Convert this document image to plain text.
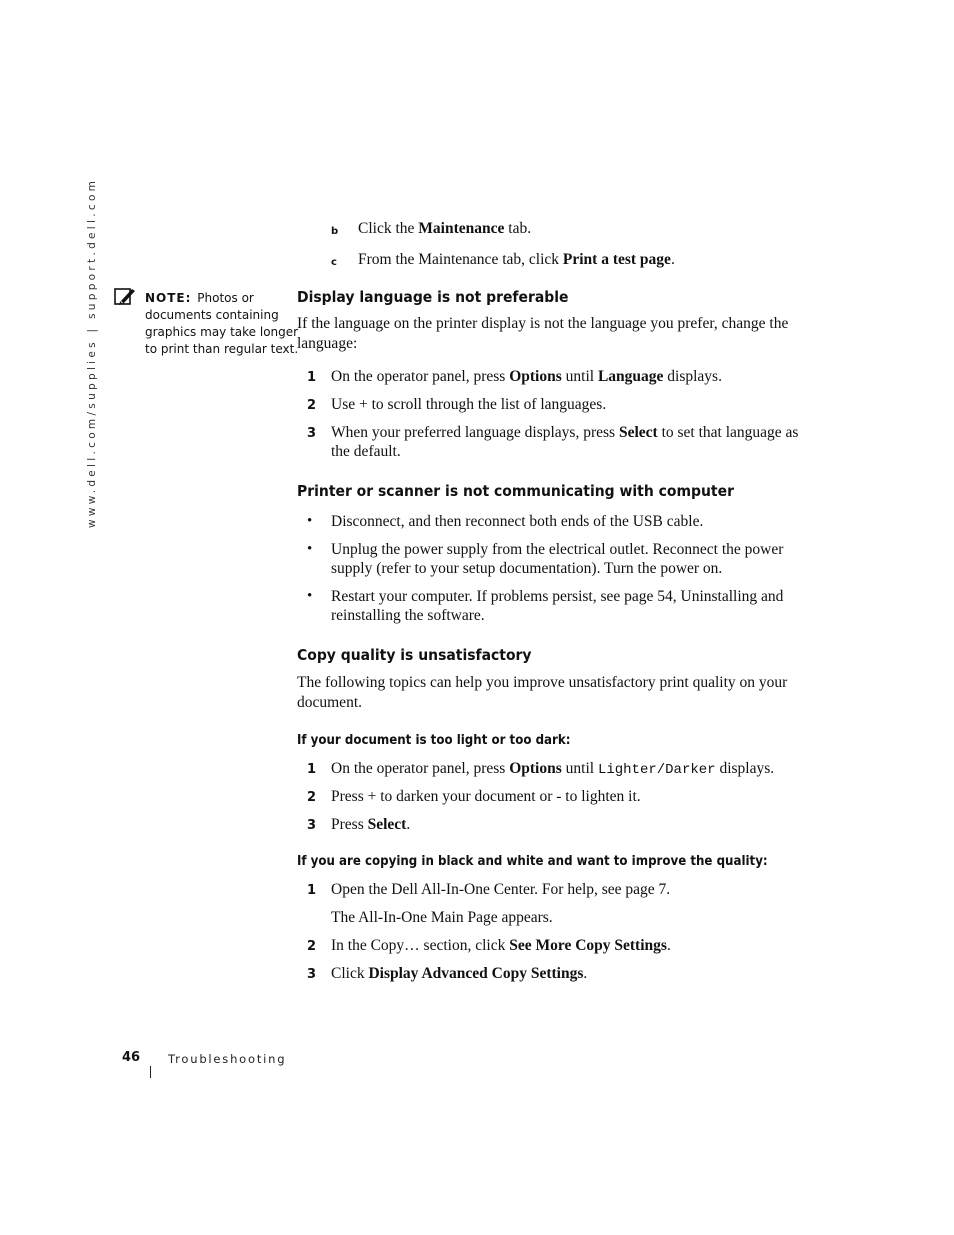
www.dell.com/supplies | support.dell.com	NOTE: Photos or documents containing graphics may take longer to print than regular text.
b Click the Maintenance tab.
c From the Maintenance tab, click Print a test page.
Display language is not preferable
If the language on the printer display is not the language you prefer, change the language:
1 On the operator panel, press Options until Language displays.
2 Use + to scroll through the list of languages.
3 When your preferred language displays, press Select to set that language as the default.
Printer or scanner is not communicating with computer
• Disconnect, and then reconnect both ends of the USB cable.
• Unplug the power supply from the electrical outlet. Reconnect the power supply (refer to your setup documentation). Turn the power on.
• Restart your computer. If problems persist, see page 54, Uninstalling and reinstalling the software.
Copy quality is unsatisfactory
The following topics can help you improve unsatisfactory print quality on your document.
If your document is too light or too dark:
1 On the operator panel, press Options until Lighter/Darker displays.
2 Press + to darken your document or - to lighten it.
3 Press Select.
If you are copying in black and white and want to improve the quality:
1 Open the Dell All-In-One Center. For help, see page 7.
The All-In-One Main Page appears.
2 In the Copy… section, click See More Copy Settings.
3 Click Display Advanced Copy Settings.
46 Troubleshooting
